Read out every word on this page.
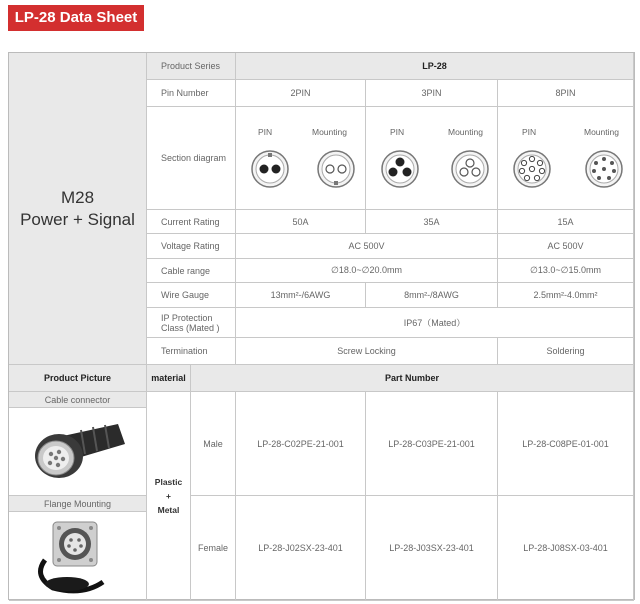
LP-28 Data Sheet
M28
Power + Signal
Product Series	LP-28
Pin Number	2PIN	3PIN	8PIN
Section diagram
PIN	Mounting	PIN	Mounting	PIN	Mounting
Current Rating	50A	35A	15A
Voltage Rating	AC 500V	AC 500V
Cable range	∅18.0~∅20.0mm	∅13.0~∅15.0mm
Wire Gauge	13mm²-/6AWG	8mm²-/8AWG	2.5mm²-4.0mm²
IP Protection
Class (Mated )	IP67（Mated）
Termination	Screw Locking	Soldering
Product Picture	material	Part Number
Cable connector
Flange Mounting
Plastic
+
Metal
Male	LP-28-C02PE-21-001	LP-28-C03PE-21-001	LP-28-C08PE-01-001
Female	LP-28-J02SX-23-401	LP-28-J03SX-23-401	LP-28-J08SX-03-401
